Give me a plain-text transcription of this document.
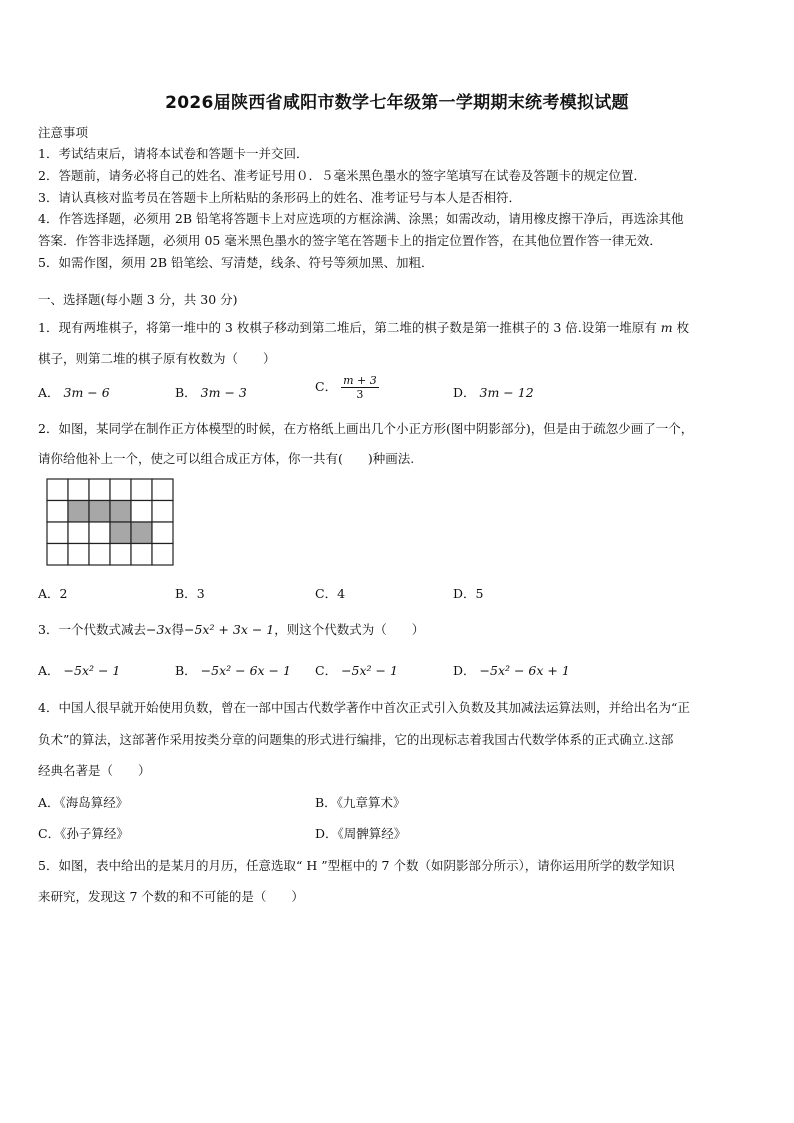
2026届陕西省咸阳市数学七年级第一学期期末统考模拟试题
注意事项
1．考试结束后，请将本试卷和答题卡一并交回．
2．答题前，请务必将自己的姓名、准考证号用０．５毫米黑色墨水的签字笔填写在试卷及答题卡的规定位置．
3．请认真核对监考员在答题卡上所粘贴的条形码上的姓名、准考证号与本人是否相符．
4．作答选择题，必须用 2B 铅笔将答题卡上对应选项的方框涂满、涂黑；如需改动，请用橡皮擦干净后，再选涂其他
答案．作答非选择题，必须用 05 毫米黑色墨水的签字笔在答题卡上的指定位置作答，在其他位置作答一律无效．
5．如需作图，须用 2B 铅笔绘、写清楚，线条、符号等须加黑、加粗．
一、选择题(每小题 3 分，共 30 分)
1．现有两堆棋子，将第一堆中的 3 枚棋子移动到第二堆后，第二堆的棋子数是第一推棋子的 3 倍.设第一堆原有 m 枚
棋子，则第二堆的棋子原有枚数为（　　）
A． 3m − 6	B． 3m − 3	C． $\frac{m + 3}{3}$	D． 3m − 12
2．如图，某同学在制作正方体模型的时候，在方格纸上画出几个小正方形(图中阴影部分)，但是由于疏忽少画了一个，
请你给他补上一个，使之可以组合成正方体，你一共有(　　)种画法.
A．2	B．3	C．4	D．5
3．一个代数式减去−3x得−5x² + 3x − 1，则这个代数式为（　　）
A． −5x² − 1	B． −5x² − 6x − 1 C． −5x² − 1	D． −5x² − 6x + 1
4．中国人很早就开始使用负数，曾在一部中国古代数学著作中首次正式引入负数及其加减法运算法则，并给出名为“正
负术”的算法，这部著作采用按类分章的问题集的形式进行编排，它的出现标志着我国古代数学体系的正式确立.这部
经典名著是（　　）
A．《海岛算经》	B．《九章算术》
C．《孙子算经》	D．《周髀算经》
5．如图，表中给出的是某月的月历，任意选取“ H ”型框中的 7 个数（如阴影部分所示），请你运用所学的数学知识
来研究，发现这 7 个数的和不可能的是（　　）
